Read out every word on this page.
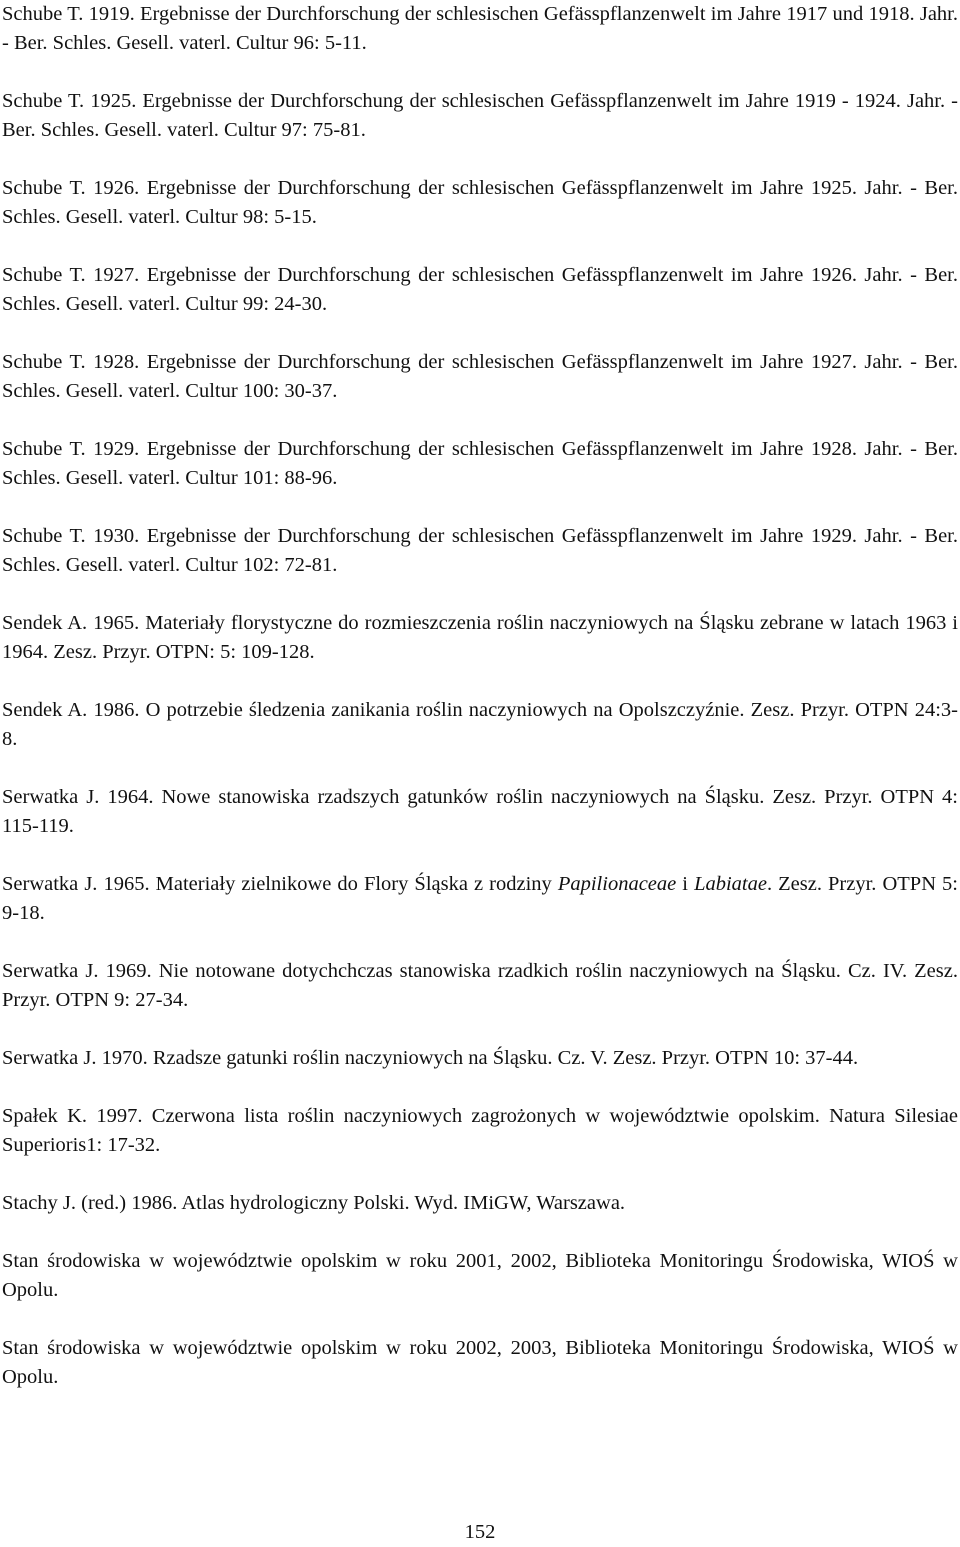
Schube T. 1919. Ergebnisse der Durchforschung der schlesischen Gefässpflanzenwelt im Jahre 1917 und 1918. Jahr. - Ber. Schles. Gesell. vaterl. Cultur 96: 5-11.

Schube T. 1925. Ergebnisse der Durchforschung der schlesischen Gefässpflanzenwelt im Jahre 1919 - 1924. Jahr. - Ber. Schles. Gesell. vaterl. Cultur 97: 75-81.

Schube T. 1926. Ergebnisse der Durchforschung der schlesischen Gefässpflanzenwelt im Jahre 1925. Jahr. - Ber. Schles. Gesell. vaterl. Cultur 98: 5-15.

Schube T. 1927. Ergebnisse der Durchforschung der schlesischen Gefässpflanzenwelt im Jahre 1926. Jahr. - Ber. Schles. Gesell. vaterl. Cultur 99: 24-30.

Schube T. 1928. Ergebnisse der Durchforschung der schlesischen Gefässpflanzenwelt im Jahre 1927. Jahr. - Ber. Schles. Gesell. vaterl. Cultur 100: 30-37.

Schube T. 1929. Ergebnisse der Durchforschung der schlesischen Gefässpflanzenwelt im Jahre 1928. Jahr. - Ber. Schles. Gesell. vaterl. Cultur 101: 88-96.

Schube T. 1930. Ergebnisse der Durchforschung der schlesischen Gefässpflanzenwelt im Jahre 1929. Jahr. - Ber. Schles. Gesell. vaterl. Cultur 102: 72-81.

Sendek A. 1965. Materiały florystyczne do rozmieszczenia roślin naczyniowych na Śląsku zebrane w latach 1963 i 1964. Zesz. Przyr. OTPN: 5: 109-128.

Sendek A. 1986. O potrzebie śledzenia zanikania roślin naczyniowych na Opolszczyźnie. Zesz. Przyr. OTPN 24:3-8.

Serwatka J. 1964. Nowe stanowiska rzadszych gatunków roślin naczyniowych na Śląsku. Zesz. Przyr. OTPN 4: 115-119.

Serwatka J. 1965. Materiały zielnikowe do Flory Śląska z rodziny Papilionaceae i Labiatae. Zesz. Przyr. OTPN 5: 9-18.

Serwatka J. 1969. Nie notowane dotychchczas stanowiska rzadkich roślin naczyniowych na Śląsku. Cz. IV. Zesz. Przyr. OTPN 9: 27-34.

Serwatka J. 1970. Rzadsze gatunki roślin naczyniowych na Śląsku. Cz. V. Zesz. Przyr. OTPN 10: 37-44.

Spałek K. 1997. Czerwona lista roślin naczyniowych zagrożonych w województwie opolskim. Natura Silesiae Superioris1: 17-32.

Stachy J. (red.) 1986. Atlas hydrologiczny Polski. Wyd. IMiGW, Warszawa.

Stan środowiska w województwie opolskim w roku 2001, 2002, Biblioteka Monitoringu Środowiska, WIOŚ w Opolu.

Stan środowiska w województwie opolskim w roku 2002, 2003, Biblioteka Monitoringu Środowiska, WIOŚ w Opolu.

152
